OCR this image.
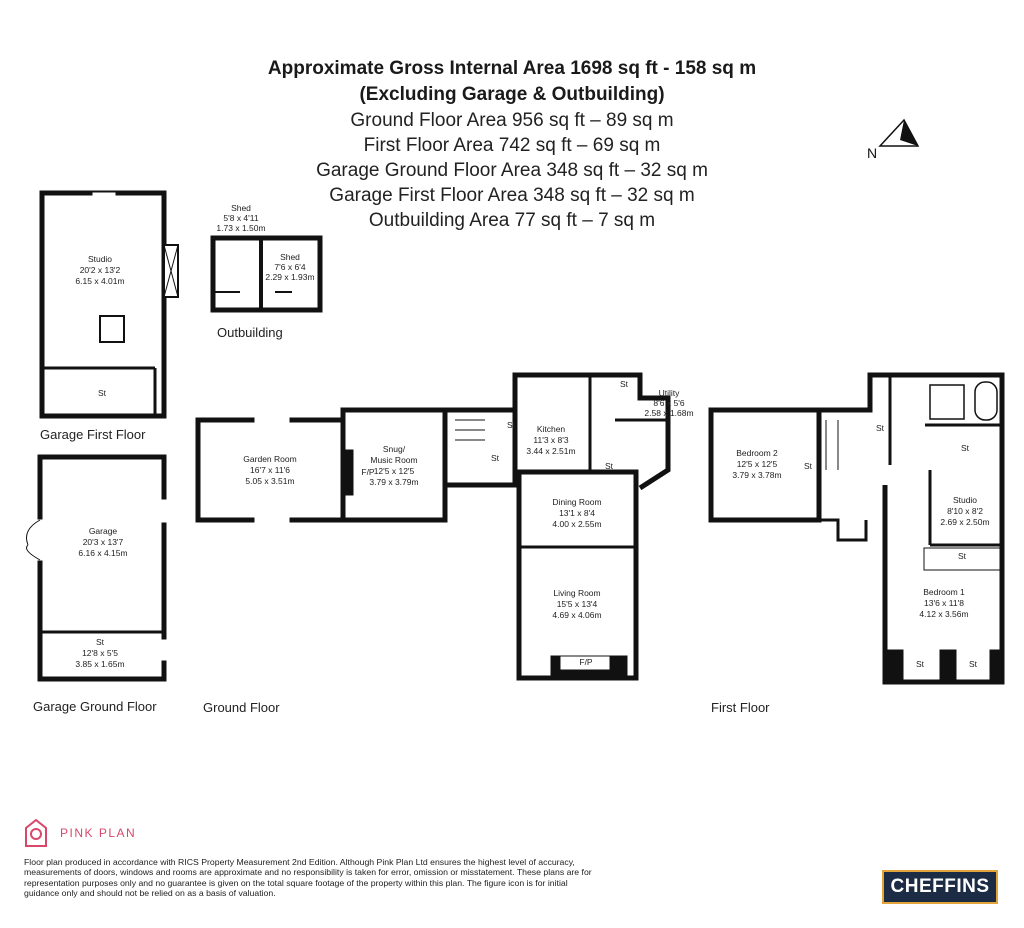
Approximate Gross Internal Area 1698 sq ft - 158 sq m
(Excluding Garage & Outbuilding)
Ground Floor Area 956 sq ft – 89 sq m
First Floor Area 742 sq ft – 69 sq m
Garage Ground Floor Area 348 sq ft – 32 sq m
Garage First Floor Area 348 sq ft – 32 sq m
Outbuilding Area 77 sq ft – 7 sq m
Garage First Floor
Garage Ground Floor	Ground Floor	First Floor
Outbuilding
N
Studio
20'2 x 13'2
6.15 x 4.01m
St
Shed
5'8 x 4'11
1.73 x 1.50m
Shed
7'6 x 6'4
2.29 x 1.93m
Garage
20'3 x 13'7
6.16 x 4.15m
St
12'8 x 5'5
3.85 x 1.65m
Garden Room
16'7 x 11'6
5.05 x 3.51m
Snug/
Music Room
12'5 x 12'5
3.79 x 3.79m
F/P
Kitchen
11'3 x 8'3
3.44 x 2.51m
Utility
8'6 x 5'6
2.58 x 1.68m
Dining Room
13'1 x 8'4
4.00 x 2.55m
Living Room
15'5 x 13'4
4.69 x 4.06m
F/P
St
St
St
St
Bedroom 2
12'5 x 12'5
3.79 x 3.78m
Studio
8'10 x 8'2
2.69 x 2.50m
Bedroom 1
13'6 x 11'8
4.12 x 3.56m
St
St
St
St
St	St
PINK PLAN
Floor plan produced in accordance with RICS Property Measurement 2nd Edition. Although Pink Plan Ltd ensures the highest level of accuracy, measurements of doors, windows and rooms are approximate and no responsibility is taken for error, omission or misstatement. These plans are for representation purposes only and no guarantee is given on the total square footage of the property within this plan. The figure icon is for initial guidance only and should not be relied on as a basis of valuation.	CHEFFINS
